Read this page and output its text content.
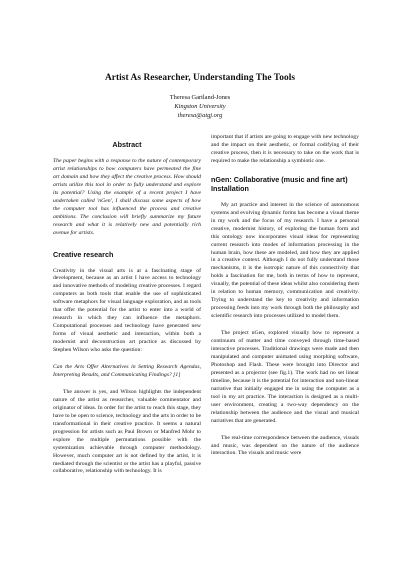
Artist As Researcher, Understanding The Tools
Theresa Gartland-Jones
Kingston University
theresa@atgj.org
Abstract

The paper begins with a response to the nature of contemporary artist relationships to how computers have permeated the fine art domain and how they affect the creative process. How should artists utilize this tool in order to fully understand and explore its potential? Using the example of a recent project I have undertaken called 'nGen', I shall discuss some aspects of how the computer tool has influenced the process and creative ambitions. The conclusion will briefly summarize my future research and what it is relatively new and potentially rich avenue for artists.

Creative research

Creativity in the visual arts is at a fascinating stage of development, because as an artist I have access to technology and innovative methods of modeling creative processes. I regard computers as both tools that enable the use of sophisticated software metaphors for visual language exploration, and as tools that offer the potential for the artist to enter into a world of research in which they can influence the metaphors. Computational processes and technology have generated new forms of visual aesthetic and interaction, within both a modernist and deconstruction art practice as discussed by Stephen Wilson who asks the question:

Can the Arts Offer Alternatives in Setting Research Agendas, Interpreting Results, and Communicating Findings? [1]

The answer is yes, and Wilson highlights the independent nature of the artist as researcher, valuable commentator and originator of ideas. In order for the artist to reach this stage, they have to be open to science, technology and the arts in order to be transformational in their creative practice. It seems a natural progression for artists such as Paul Brown or Manfred Mohr to explore the multiple permutations possible with the systemization achievable through computer methodology. However, much computer art is not defined by the artist, it is mediated through the scientist or the artist has a playful, passive collaborative, relationship with technology. It is

important that if artists are going to engage with new technology and the impact on their aesthetic, or formal codifying of their creative process, then it is necessary to take on the work that is required to make the relationship a symbiotic one.

nGen: Collaborative (music and fine art) Installation

My art practice and interest in the science of autonomous systems and evolving dynamic forms has become a visual theme in my work and the focus of my research. I have a personal creative, modernist history, of exploring the human form and this ontology now incorporates visual ideas for representing current research into modes of information processing in the human brain, how these are modeled, and how they are applied in a creative context. Although I do not fully understand those mechanisms, it is the isotropic nature of this connectivity that holds a fascination for me, both in terms of how to represent, visually, the potential of these ideas whilst also considering them in relation to human memory, communication and creativity. Trying to understand the key to creativity and information processing feeds into my work through both the philosophy and scientific research into processes utilized to model them.

The project nGen, explored visually how to represent a continuum of matter and time conveyed through time-based interactive processes. Traditional drawings were made and then manipulated and computer animated using morphing software, Photoshop and Flash. These were brought into Director and presented as a projector (see fig.1). The work had no set linear timeline, because it is the potential for interaction and non-linear narrative that initially engaged me in using the computer as a tool in my art practice. The interaction is designed as a multi-user environment, creating a two-way dependency on the relationship between the audience and the visual and musical narratives that are generated.

The real-time correspondence between the audience, visuals and music, was dependent on the nature of the audience interaction. The visuals and music were
